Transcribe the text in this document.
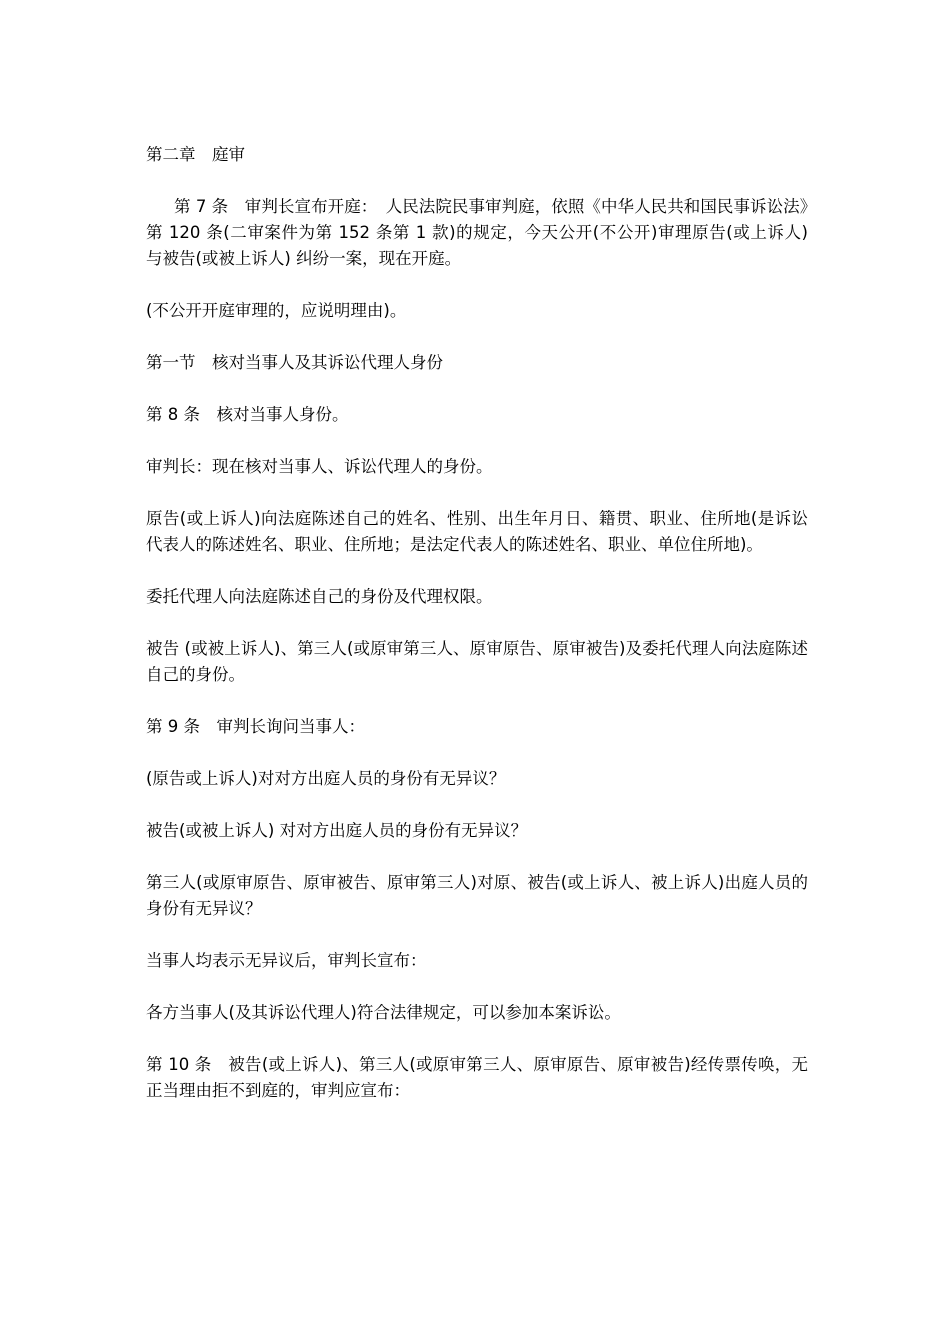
第二章　庭审

第 7 条　审判长宣布开庭：　人民法院民事审判庭，依照《中华人民共和国民事诉讼法》第 120 条(二审案件为第 152 条第 1 款)的规定，今天公开(不公开)审理原告(或上诉人)　与被告(或被上诉人) 纠纷一案，现在开庭。

(不公开开庭审理的，应说明理由)。

第一节　核对当事人及其诉讼代理人身份

第 8 条　核对当事人身份。

审判长：现在核对当事人、诉讼代理人的身份。

原告(或上诉人)向法庭陈述自己的姓名、性别、出生年月日、籍贯、职业、住所地(是诉讼代表人的陈述姓名、职业、住所地；是法定代表人的陈述姓名、职业、单位住所地)。

委托代理人向法庭陈述自己的身份及代理权限。

被告 (或被上诉人)、第三人(或原审第三人、原审原告、原审被告)及委托代理人向法庭陈述自己的身份。

第 9 条　审判长询问当事人：

(原告或上诉人)对对方出庭人员的身份有无异议？

被告(或被上诉人) 对对方出庭人员的身份有无异议？

第三人(或原审原告、原审被告、原审第三人)对原、被告(或上诉人、被上诉人)出庭人员的身份有无异议？

当事人均表示无异议后，审判长宣布：

各方当事人(及其诉讼代理人)符合法律规定，可以参加本案诉讼。

第 10 条　被告(或上诉人)、第三人(或原审第三人、原审原告、原审被告)经传票传唤，无正当理由拒不到庭的，审判应宣布：
